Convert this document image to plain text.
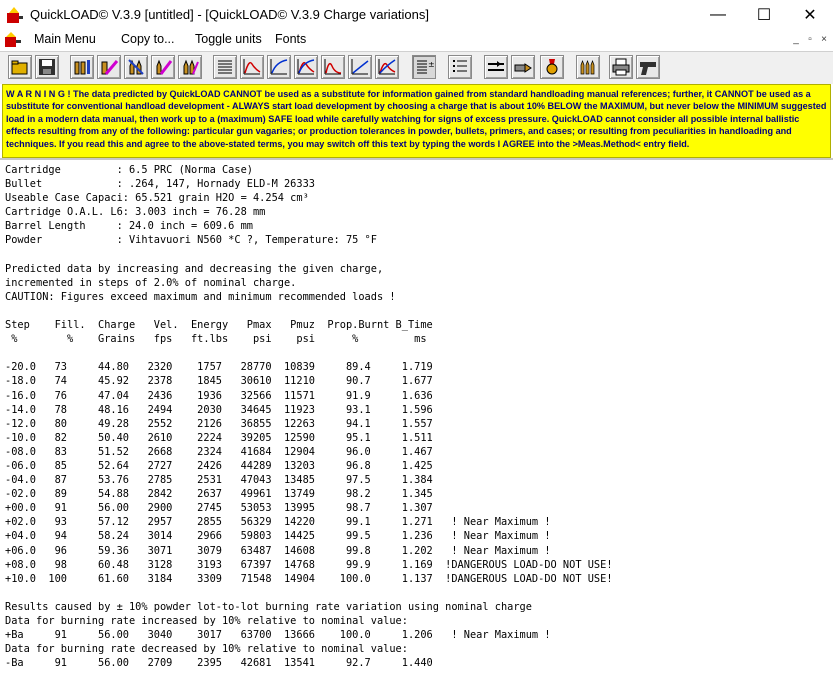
QuickLOAD© V.3.9 [untitled] - [QuickLOAD© V.3.9 Charge variations]	—	☐	✕
Main Menu Copy to... Toggle units Fonts	_ ▫ ×
±
W A R N I N G ! The data predicted by QuickLOAD CANNOT be used as a substitute for information gained from standard handloading manual references; further, it CANNOT be used as a substitute for conventional handload development - ALWAYS start load development by choosing a charge that is about 10% BELOW the MAXIMUM, but never below the MINIMUM suggested load in a modern data manual, then work up to a (maximum) SAFE load while carefully watching for signs of excess pressure. QuickLOAD cannot consider all possible internal ballistic effects resulting from any of the following: particular gun vagaries; or production tolerances in powder, bullets, primers, and cases; or resulting from peculiarities in handloading and techniques. If you read this and agree to the above-stated terms, you may switch off this text by typing the words I AGREE into the >Meas.Method< entry field.
Cartridge         : 6.5 PRC (Norma Case)
Bullet            : .264, 147, Hornady ELD-M 26333
Useable Case Capaci: 65.521 grain H2O = 4.254 cm³
Cartridge O.A.L. L6: 3.003 inch = 76.28 mm
Barrel Length     : 24.0 inch = 609.6 mm
Powder            : Vihtavuori N560 *C ?, Temperature: 75 °F

Predicted data by increasing and decreasing the given charge,
incremented in steps of 2.0% of nominal charge.
CAUTION: Figures exceed maximum and minimum recommended loads !

Step    Fill.  Charge   Vel.  Energy   Pmax   Pmuz  Prop.Burnt B_Time
%        %    Grains   fps   ft.lbs    psi    psi      %         ms

-20.0   73     44.80   2320    1757   28770  10839     89.4     1.719
-18.0   74     45.92   2378    1845   30610  11210     90.7     1.677
-16.0   76     47.04   2436    1936   32566  11571     91.9     1.636
-14.0   78     48.16   2494    2030   34645  11923     93.1     1.596
-12.0   80     49.28   2552    2126   36855  12263     94.1     1.557
-10.0   82     50.40   2610    2224   39205  12590     95.1     1.511
-08.0   83     51.52   2668    2324   41684  12904     96.0     1.467
-06.0   85     52.64   2727    2426   44289  13203     96.8     1.425
-04.0   87     53.76   2785    2531   47043  13485     97.5     1.384
-02.0   89     54.88   2842    2637   49961  13749     98.2     1.345
+00.0   91     56.00   2900    2745   53053  13995     98.7     1.307
+02.0   93     57.12   2957    2855   56329  14220     99.1     1.271   ! Near Maximum !
+04.0   94     58.24   3014    2966   59803  14425     99.5     1.236   ! Near Maximum !
+06.0   96     59.36   3071    3079   63487  14608     99.8     1.202   ! Near Maximum !
+08.0   98     60.48   3128    3193   67397  14768     99.9     1.169  !DANGEROUS LOAD-DO NOT USE!
+10.0  100     61.60   3184    3309   71548  14904    100.0     1.137  !DANGEROUS LOAD-DO NOT USE!

Results caused by ± 10% powder lot-to-lot burning rate variation using nominal charge
Data for burning rate increased by 10% relative to nominal value:
+Ba     91     56.00   3040    3017   63700  13666    100.0     1.206   ! Near Maximum !
Data for burning rate decreased by 10% relative to nominal value:
-Ba     91     56.00   2709    2395   42681  13541     92.7     1.440
